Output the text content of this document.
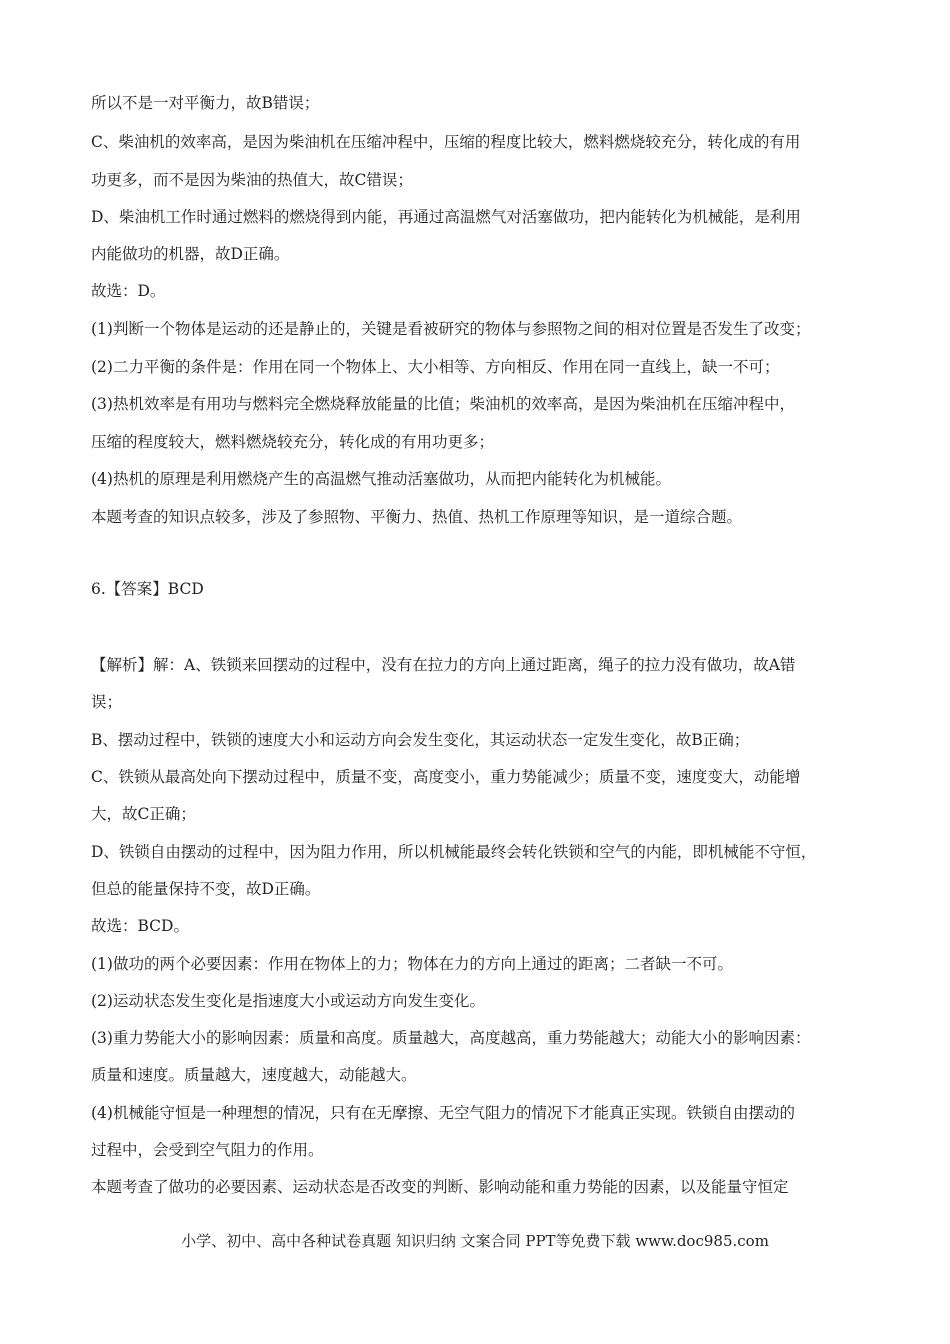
所以不是一对平衡力，故B错误；
C、柴油机的效率高，是因为柴油机在压缩冲程中，压缩的程度比较大，燃料燃烧较充分，转化成的有用
功更多，而不是因为柴油的热值大，故C错误；
D、柴油机工作时通过燃料的燃烧得到内能，再通过高温燃气对活塞做功，把内能转化为机械能，是利用
内能做功的机器，故D正确。
故选：D。
(1)判断一个物体是运动的还是静止的，关键是看被研究的物体与参照物之间的相对位置是否发生了改变；
(2)二力平衡的条件是：作用在同一个物体上、大小相等、方向相反、作用在同一直线上，缺一不可；
(3)热机效率是有用功与燃料完全燃烧释放能量的比值；柴油机的效率高，是因为柴油机在压缩冲程中，
压缩的程度较大，燃料燃烧较充分，转化成的有用功更多；
(4)热机的原理是利用燃烧产生的高温燃气推动活塞做功，从而把内能转化为机械能。
本题考查的知识点较多，涉及了参照物、平衡力、热值、热机工作原理等知识，是一道综合题。
6.【答案】BCD
【解析】解：A、铁锁来回摆动的过程中，没有在拉力的方向上通过距离，绳子的拉力没有做功，故A错
误；
B、摆动过程中，铁锁的速度大小和运动方向会发生变化，其运动状态一定发生变化，故B正确；
C、铁锁从最高处向下摆动过程中，质量不变，高度变小，重力势能减少；质量不变，速度变大，动能增
大，故C正确；
D、铁锁自由摆动的过程中，因为阻力作用，所以机械能最终会转化铁锁和空气的内能，即机械能不守恒，
但总的能量保持不变，故D正确。
故选：BCD。
(1)做功的两个必要因素：作用在物体上的力；物体在力的方向上通过的距离；二者缺一不可。
(2)运动状态发生变化是指速度大小或运动方向发生变化。
(3)重力势能大小的影响因素：质量和高度。质量越大，高度越高，重力势能越大；动能大小的影响因素：
质量和速度。质量越大，速度越大，动能越大。
(4)机械能守恒是一种理想的情况，只有在无摩擦、无空气阻力的情况下才能真正实现。铁锁自由摆动的
过程中，会受到空气阻力的作用。
本题考查了做功的必要因素、运动状态是否改变的判断、影响动能和重力势能的因素，以及能量守恒定
小学、初中、高中各种试卷真题 知识归纳 文案合同 PPT等免费下载 www.doc985.com
